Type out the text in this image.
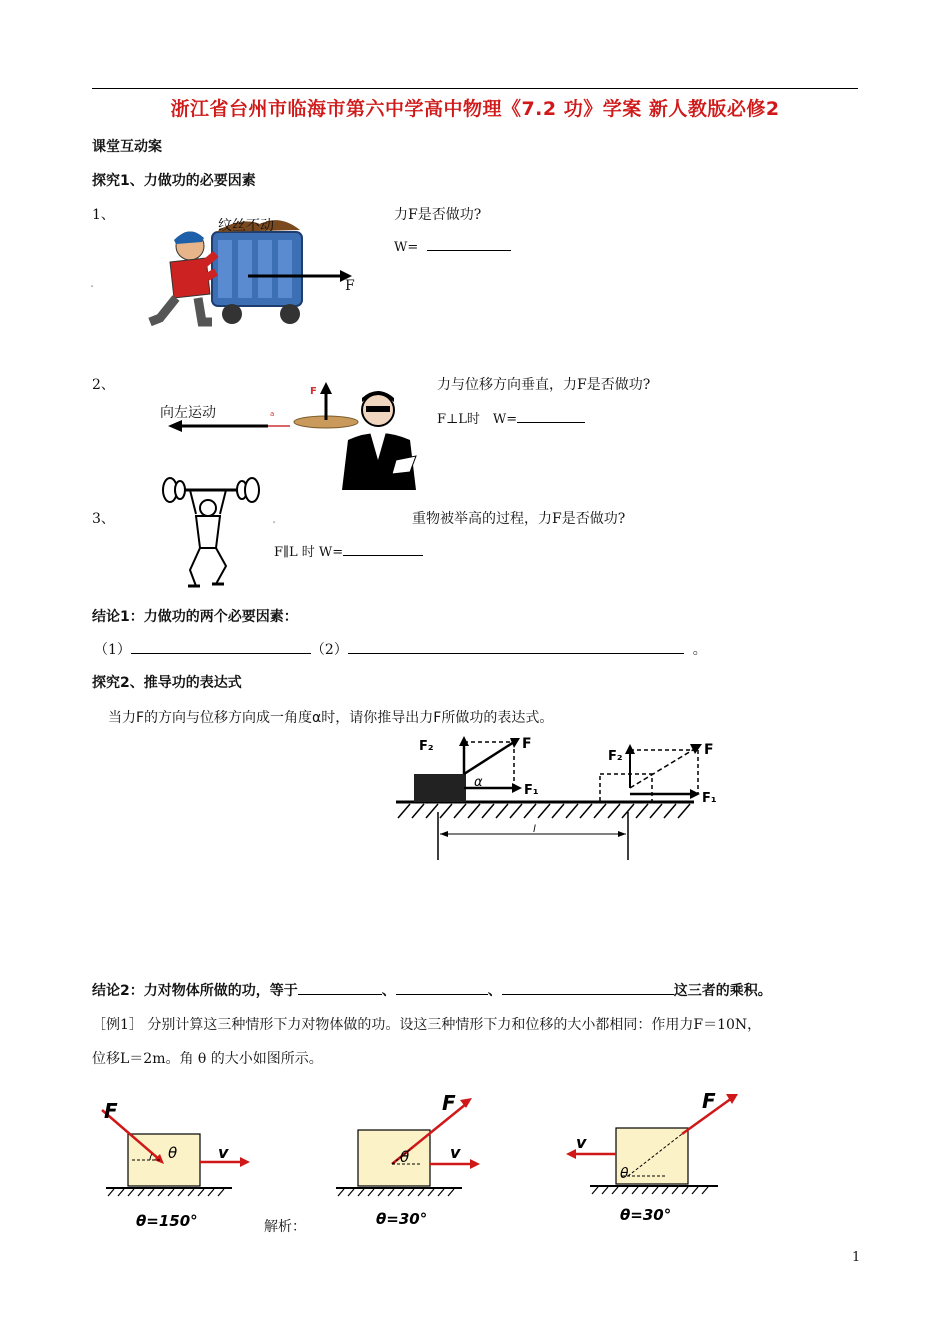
浙江省台州市临海市第六中学高中物理《7.2 功》学案 新人教版必修2
课堂互动案
探究1、力做功的必要因素
1、
纹丝不动
F
.
力F是否做功?
W=
2、
向左运动	a
F	力与位移方向垂直，力F是否做功?
F⊥L时　W=
3、	.	重物被举高的过程，力F是否做功?
F∥L 时 W=
结论1：力做功的两个必要因素：
（1）	（2）	。
探究2、推导功的表达式
当力F的方向与位移方向成一角度α时，请你推导出力F所做功的表达式。
F₂	F
F₁
α
F₂	F
F₁
l
结论2：力对物体所做的功，等于	、	、	这三者的乘积。
［例1］ 分别计算这三种情形下力对物体做的功。设这三种情形下力和位移的大小都相同：作用力F＝10N，
位移L＝2m。角 θ 的大小如图所示。
F
v
θ
θ=150°	解析：
F
v
θ
θ=30°
F
v
θ
θ=30°
1
